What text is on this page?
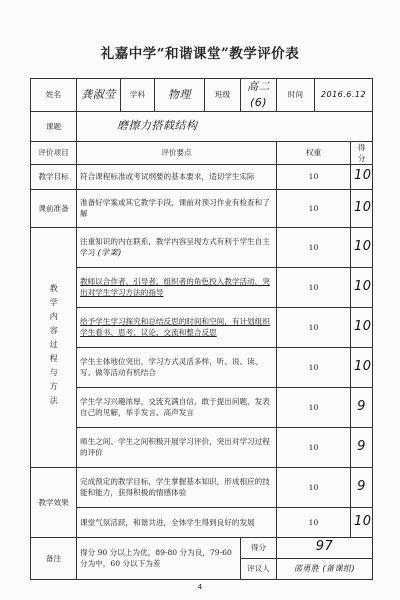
礼嘉中学“和谐课堂”教学评价表
姓名	龚淑莹	学科	物理	班级	高二(6)	时间	2016.6.12	
课题	磨擦力搭载结构							
评价项目	评价要点					权重		得分
教学目标	符合课程标准或考试纲要的基本要求，适切学生实际					10		10
课前准备	准备好学案或其它教学手段，课前对预习作业有检查和了解					10		10

教学内容过程与方法	注重知识的内在联系，教学内容呈现方式有利于学生自主学习 (学案)					10		10
	教师以合作者、引导者、组织者的角色投入教学活动，突出对学生学习方法的指导					10		10
	给予学生学习探究和总结反思的时间和空间，有计划组织学生看书、思考、议论、交流和整合反思					10		10
	学生主体地位突出，学习方式灵活多样，听、说、读、写、做等活动有机结合					10		10
	学生学习兴趣浓厚，交流充满自信，敢于提出问题，发表自己的见解，举手发言、高声发言					10		9
	师生之间、学生之间积极开展学习评价，突出对学习过程的评价					10		9
教学效果	完成预定的教学目标，学生掌握基本知识，形成相应的技能和能力，获得积极的情感体验					10		9
	课堂气氛活跃，和谐共进，全体学生得到良好的发展					10		10
备注	得分 90 分以上为优，89-80 分为良，79-60 分为中，60 分以下为差				得分	97		
					评议人	邵勇胜 (备课组)		
4
